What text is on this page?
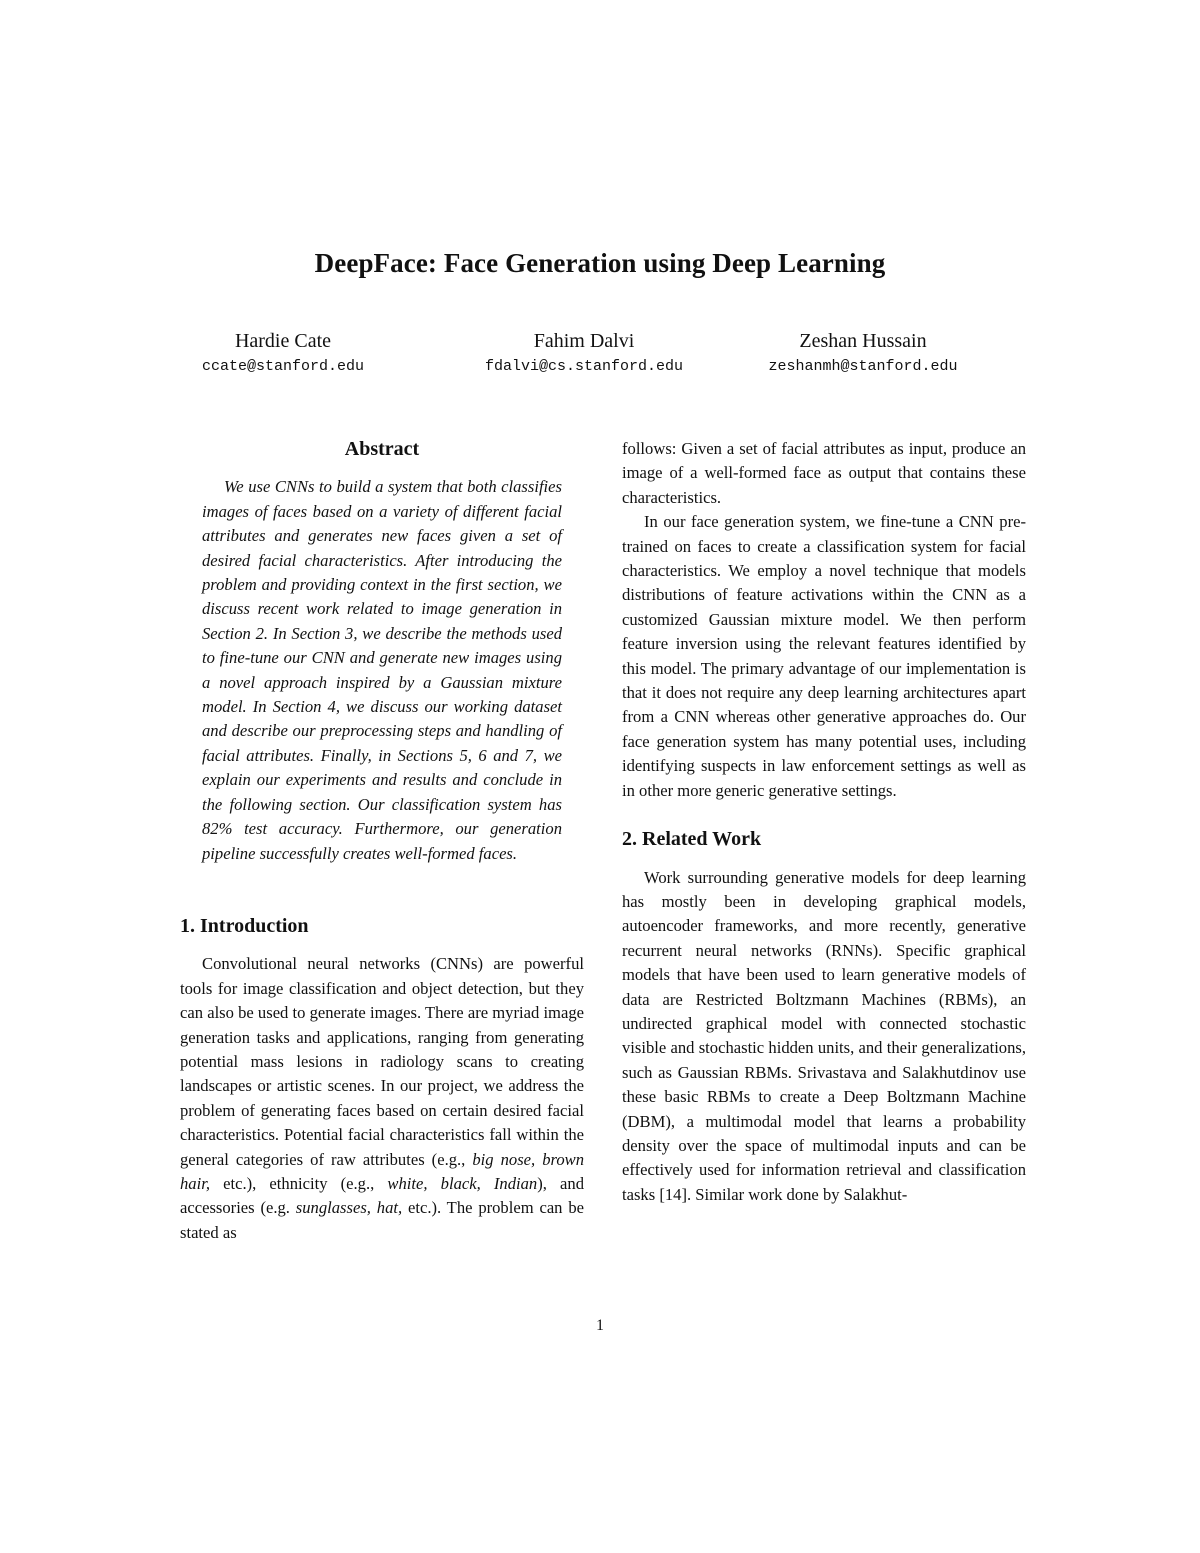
DeepFace: Face Generation using Deep Learning
Hardie Cate
ccate@stanford.edu
Fahim Dalvi
fdalvi@cs.stanford.edu
Zeshan Hussain
zeshanmh@stanford.edu
Abstract

We use CNNs to build a system that both classifies images of faces based on a variety of different facial attributes and generates new faces given a set of desired facial characteristics. After introducing the problem and providing context in the first section, we discuss recent work related to image generation in Section 2. In Section 3, we describe the methods used to fine-tune our CNN and generate new images using a novel approach inspired by a Gaussian mixture model. In Section 4, we discuss our working dataset and describe our preprocessing steps and handling of facial attributes. Finally, in Sections 5, 6 and 7, we explain our experiments and results and conclude in the following section. Our classification system has 82% test accuracy. Furthermore, our generation pipeline successfully creates well-formed faces.

1. Introduction

Convolutional neural networks (CNNs) are powerful tools for image classification and object detection, but they can also be used to generate images. There are myriad image generation tasks and applications, ranging from generating potential mass lesions in radiology scans to creating landscapes or artistic scenes. In our project, we address the problem of generating faces based on certain desired facial characteristics. Potential facial characteristics fall within the general categories of raw attributes (e.g., big nose, brown hair, etc.), ethnicity (e.g., white, black, Indian), and accessories (e.g. sunglasses, hat, etc.). The problem can be stated as

follows: Given a set of facial attributes as input, produce an image of a well-formed face as output that contains these characteristics.

In our face generation system, we fine-tune a CNN pre-trained on faces to create a classification system for facial characteristics. We employ a novel technique that models distributions of feature activations within the CNN as a customized Gaussian mixture model. We then perform feature inversion using the relevant features identified by this model. The primary advantage of our implementation is that it does not require any deep learning architectures apart from a CNN whereas other generative approaches do. Our face generation system has many potential uses, including identifying suspects in law enforcement settings as well as in other more generic generative settings.

2. Related Work

Work surrounding generative models for deep learning has mostly been in developing graphical models, autoencoder frameworks, and more recently, generative recurrent neural networks (RNNs). Specific graphical models that have been used to learn generative models of data are Restricted Boltzmann Machines (RBMs), an undirected graphical model with connected stochastic visible and stochastic hidden units, and their generalizations, such as Gaussian RBMs. Srivastava and Salakhutdinov use these basic RBMs to create a Deep Boltzmann Machine (DBM), a multimodal model that learns a probability density over the space of multimodal inputs and can be effectively used for information retrieval and classification tasks [14]. Similar work done by Salakhut-

1
